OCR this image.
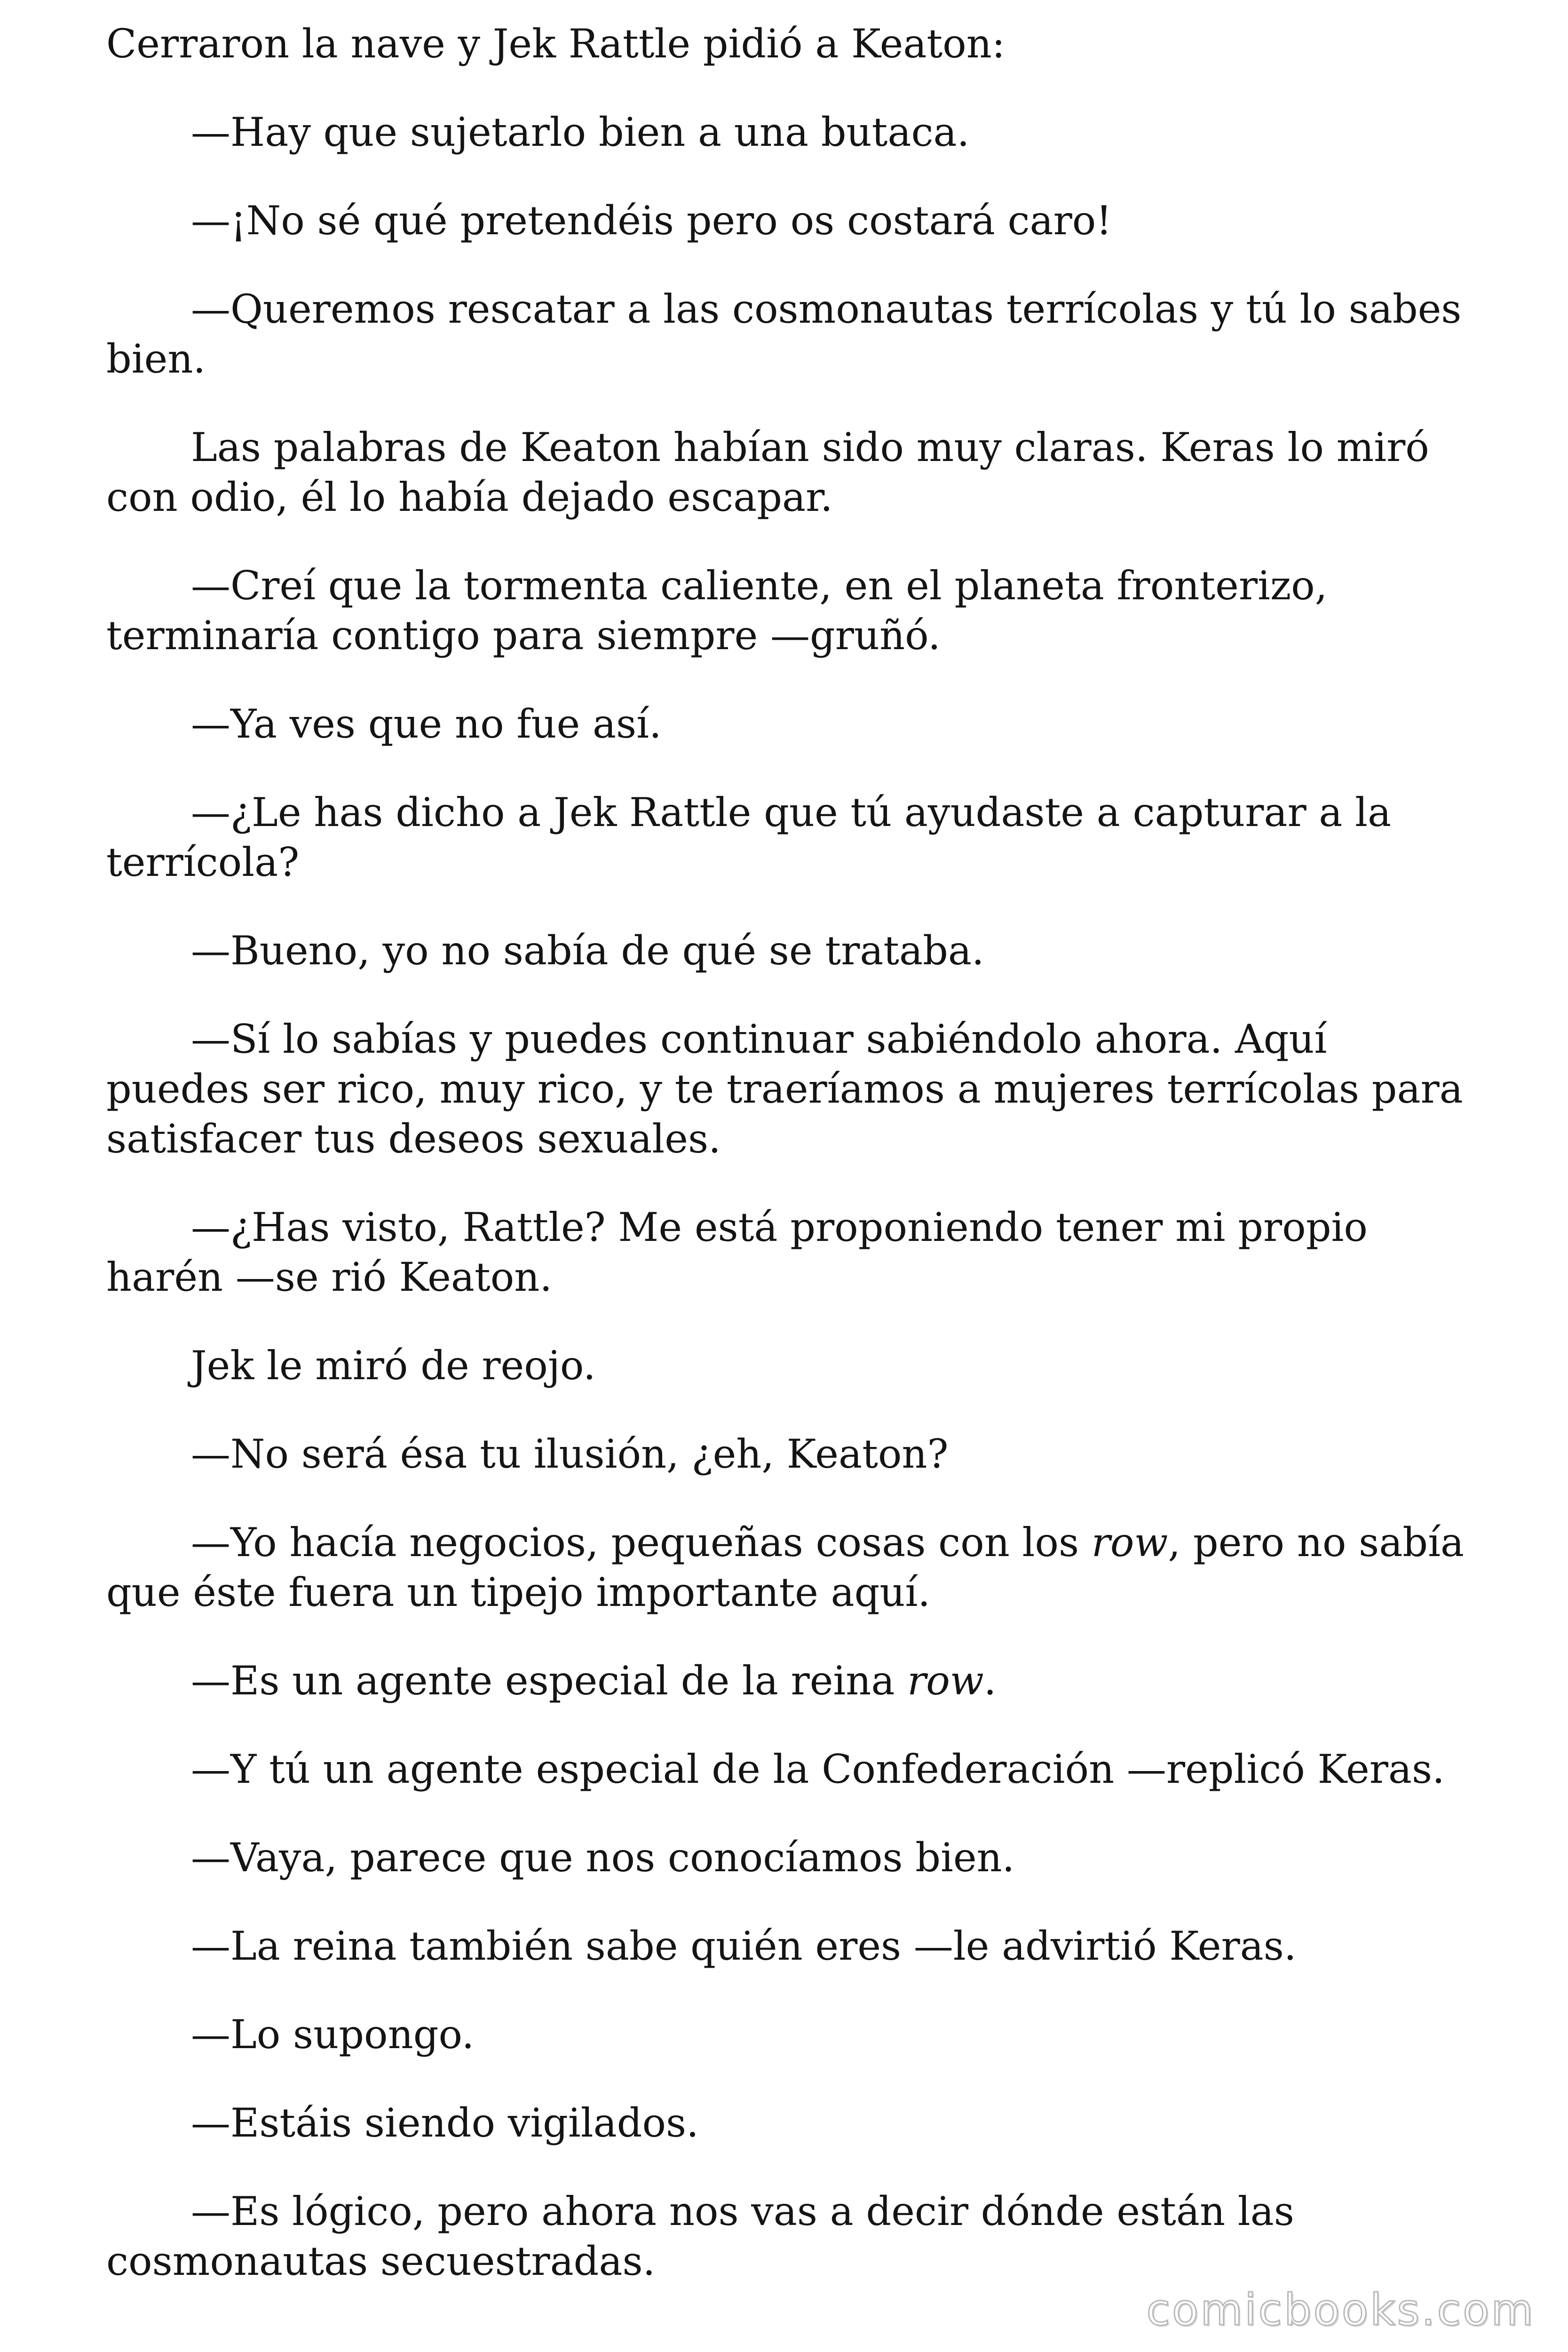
Cerraron la nave y Jek Rattle pidió a Keaton:

—Hay que sujetarlo bien a una butaca.

—¡No sé qué pretendéis pero os costará caro!

—Queremos rescatar a las cosmonautas terrícolas y tú lo sabes bien.

Las palabras de Keaton habían sido muy claras. Keras lo miró con odio, él lo había dejado escapar.

—Creí que la tormenta caliente, en el planeta fronterizo, terminaría contigo para siempre —gruñó.

—Ya ves que no fue así.

—¿Le has dicho a Jek Rattle que tú ayudaste a capturar a la terrícola?

—Bueno, yo no sabía de qué se trataba.

—Sí lo sabías y puedes continuar sabiéndolo ahora. Aquí puedes ser rico, muy rico, y te traeríamos a mujeres terrícolas para satisfacer tus deseos sexuales.

—¿Has visto, Rattle? Me está proponiendo tener mi propio harén —se rió Keaton.

Jek le miró de reojo.

—No será ésa tu ilusión, ¿eh, Keaton?

—Yo hacía negocios, pequeñas cosas con los row, pero no sabía que éste fuera un tipejo importante aquí.

—Es un agente especial de la reina row.

—Y tú un agente especial de la Confederación —replicó Keras.

—Vaya, parece que nos conocíamos bien.

—La reina también sabe quién eres —le advirtió Keras.

—Lo supongo.

—Estáis siendo vigilados.

—Es lógico, pero ahora nos vas a decir dónde están las cosmonautas secuestradas.

comicbooks.com
